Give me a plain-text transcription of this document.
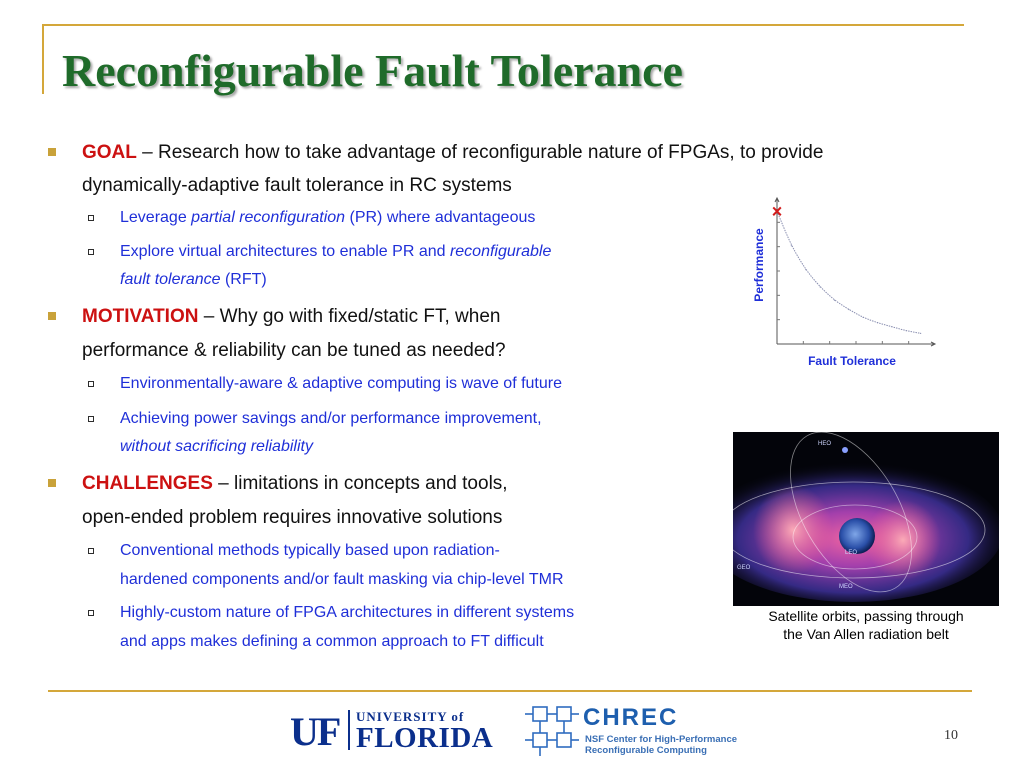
Reconfigurable Fault Tolerance
GOAL – Research how to take advantage of reconfigurable nature of FPGAs, to provide
dynamically-adaptive fault tolerance in RC systems
Leverage partial reconfiguration (PR) where advantageous
Explore virtual architectures to enable PR and reconfigurable
fault tolerance (RFT)
MOTIVATION – Why go with fixed/static FT, when
performance & reliability can be tuned as needed?
Environmentally-aware & adaptive computing is wave of future
Achieving power savings and/or performance improvement,
without sacrificing reliability
CHALLENGES – limitations in concepts and tools,
open-ended problem requires innovative solutions
Conventional methods typically based upon radiation-
hardened components and/or fault masking via chip-level TMR
Highly-custom nature of FPGA architectures in different systems
and apps makes defining a common approach to FT difficult
×
Fault Tolerance
Performance
HEO
LEO
GEO
MEO
Satellite orbits, passing through
the Van Allen radiation belt
UF UNIVERSITY of
FLORIDA
CHREC
NSF Center for High-Performance
Reconfigurable Computing
10
